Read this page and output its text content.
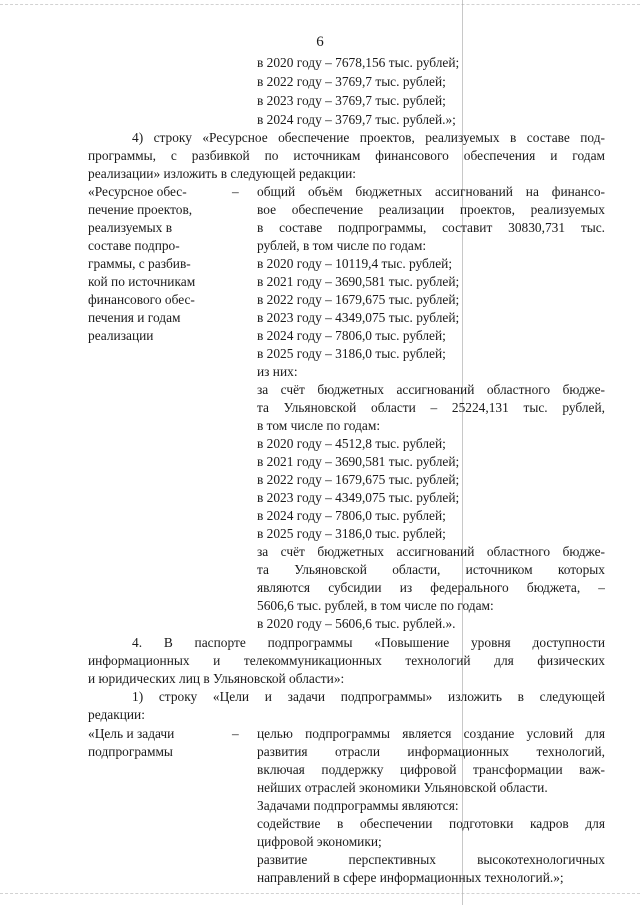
6
в 2020 году – 7678,156 тыс. рублей;
в 2022 году – 3769,7 тыс. рублей;
в 2023 году – 3769,7 тыс. рублей;
в 2024 году – 3769,7 тыс. рублей.»;
4) строку «Ресурсное обеспечение проектов, реализуемых в составе под-
программы, с разбивкой по источникам финансового обеспечения и годам
реализации» изложить в следующей редакции:
«Ресурсное обес-
печение проектов,
реализуемых в
составе подпро-
граммы, с разбив-
кой по источникам
финансового обес-
печения и годам
реализации
– общий объём бюджетных ассигнований на финансо-
вое обеспечение реализации проектов, реализуемых
в составе подпрограммы, составит 30830,731 тыс.
рублей, в том числе по годам:
в 2020 году – 10119,4 тыс. рублей;
в 2021 году – 3690,581 тыс. рублей;
в 2022 году – 1679,675 тыс. рублей;
в 2023 году – 4349,075 тыс. рублей;
в 2024 году – 7806,0 тыс. рублей;
в 2025 году – 3186,0 тыс. рублей;
из них:
за счёт бюджетных ассигнований областного бюдже-
та Ульяновской области – 25224,131 тыс. рублей,
в том числе по годам:
в 2020 году – 4512,8 тыс. рублей;
в 2021 году – 3690,581 тыс. рублей;
в 2022 году – 1679,675 тыс. рублей;
в 2023 году – 4349,075 тыс. рублей;
в 2024 году – 7806,0 тыс. рублей;
в 2025 году – 3186,0 тыс. рублей;
за счёт бюджетных ассигнований областного бюдже-
та Ульяновской области, источником которых
являются субсидии из федерального бюджета, –
5606,6 тыс. рублей, в том числе по годам:
в 2020 году – 5606,6 тыс. рублей.».
4. В паспорте подпрограммы «Повышение уровня доступности
информационных и телекоммуникационных технологий для физических
и юридических лиц в Ульяновской области»:
1) строку «Цели и задачи подпрограммы» изложить в следующей
редакции:
«Цель и задачи
подпрограммы
– целью подпрограммы является создание условий для
развития отрасли информационных технологий,
включая поддержку цифровой трансформации важ-
нейших отраслей экономики Ульяновской области.
Задачами подпрограммы являются:
содействие в обеспечении подготовки кадров для
цифровой экономики;
развитие перспективных высокотехнологичных
направлений в сфере информационных технологий.»;
